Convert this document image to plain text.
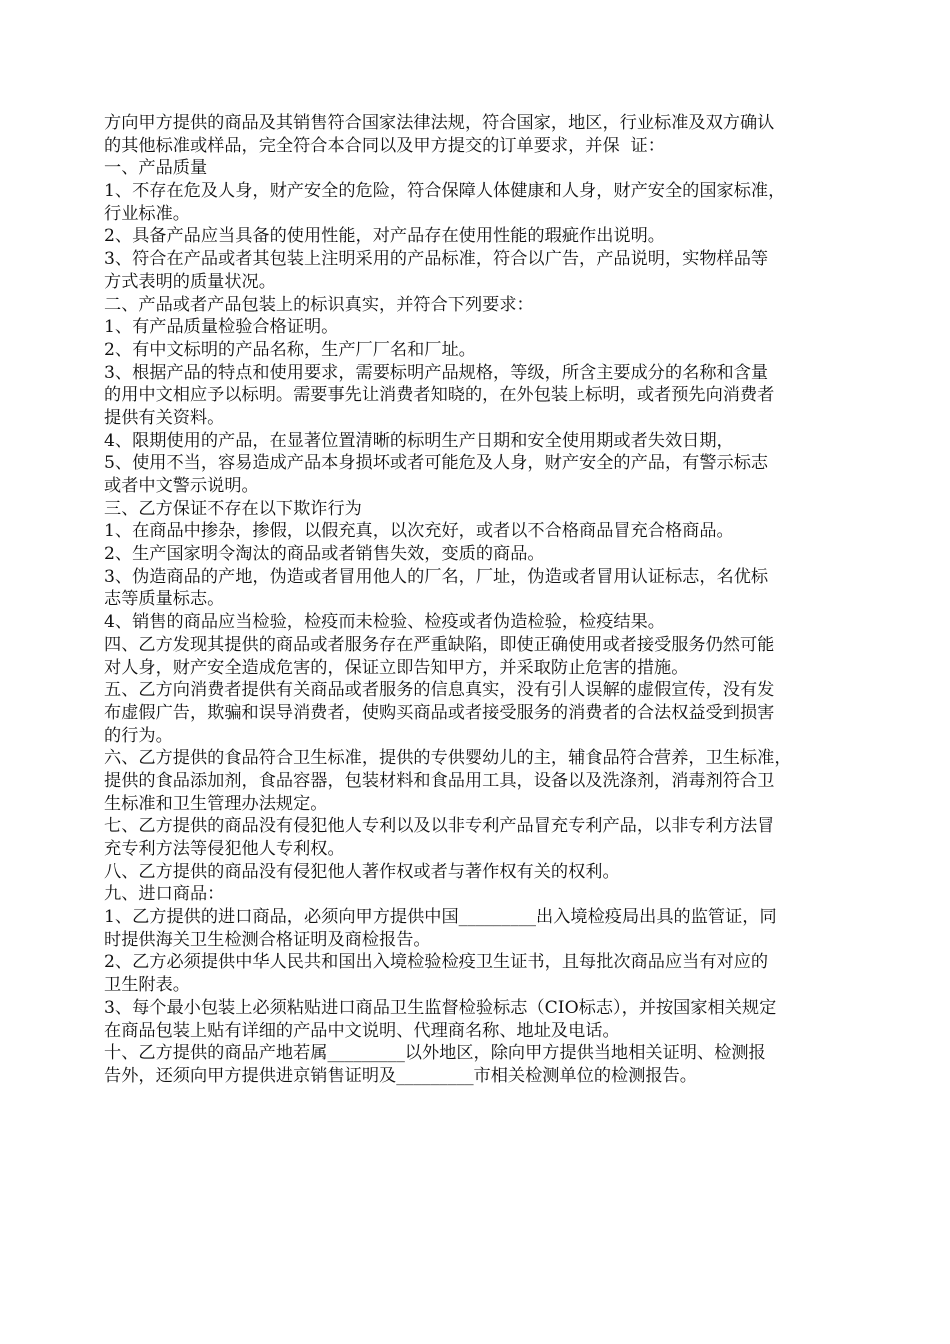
方向甲方提供的商品及其销售符合国家法律法规，符合国家，地区，行业标准及双方确认
的其他标准或样品，完全符合本合同以及甲方提交的订单要求，并保  证：
一、产品质量
1、不存在危及人身，财产安全的危险，符合保障人体健康和人身，财产安全的国家标准，
行业标准。
2、具备产品应当具备的使用性能，对产品存在使用性能的瑕疵作出说明。
3、符合在产品或者其包装上注明采用的产品标准，符合以广告，产品说明，实物样品等
方式表明的质量状况。
二、产品或者产品包装上的标识真实，并符合下列要求：
1、有产品质量检验合格证明。
2、有中文标明的产品名称，生产厂厂名和厂址。
3、根据产品的特点和使用要求，需要标明产品规格，等级，所含主要成分的名称和含量
的用中文相应予以标明。需要事先让消费者知晓的，在外包装上标明，或者预先向消费者
提供有关资料。
4、限期使用的产品，在显著位置清晰的标明生产日期和安全使用期或者失效日期，
5、使用不当，容易造成产品本身损坏或者可能危及人身，财产安全的产品，有警示标志
或者中文警示说明。
三、乙方保证不存在以下欺诈行为
1、在商品中掺杂，掺假，以假充真，以次充好，或者以不合格商品冒充合格商品。
2、生产国家明令淘汰的商品或者销售失效，变质的商品。
3、伪造商品的产地，伪造或者冒用他人的厂名，厂址，伪造或者冒用认证标志，名优标
志等质量标志。
4、销售的商品应当检验，检疫而未检验、检疫或者伪造检验，检疫结果。
四、乙方发现其提供的商品或者服务存在严重缺陷，即使正确使用或者接受服务仍然可能
对人身，财产安全造成危害的，保证立即告知甲方，并采取防止危害的措施。
五、乙方向消费者提供有关商品或者服务的信息真实，没有引人误解的虚假宣传，没有发
布虚假广告，欺骗和误导消费者，使购买商品或者接受服务的消费者的合法权益受到损害
的行为。
六、乙方提供的食品符合卫生标准，提供的专供婴幼儿的主，辅食品符合营养，卫生标准，
提供的食品添加剂，食品容器，包装材料和食品用工具，设备以及洗涤剂，消毒剂符合卫
生标准和卫生管理办法规定。
七、乙方提供的商品没有侵犯他人专利以及以非专利产品冒充专利产品，以非专利方法冒
充专利方法等侵犯他人专利权。
八、乙方提供的商品没有侵犯他人著作权或者与著作权有关的权利。
九、进口商品：
1、乙方提供的进口商品，必须向甲方提供中国_________出入境检疫局出具的监管证，同
时提供海关卫生检测合格证明及商检报告。
2、乙方必须提供中华人民共和国出入境检验检疫卫生证书，且每批次商品应当有对应的
卫生附表。
3、每个最小包装上必须粘贴进口商品卫生监督检验标志（CIO标志），并按国家相关规定
在商品包装上贴有详细的产品中文说明、代理商名称、地址及电话。
十、乙方提供的商品产地若属_________以外地区，除向甲方提供当地相关证明、检测报
告外，还须向甲方提供进京销售证明及_________市相关检测单位的检测报告。
